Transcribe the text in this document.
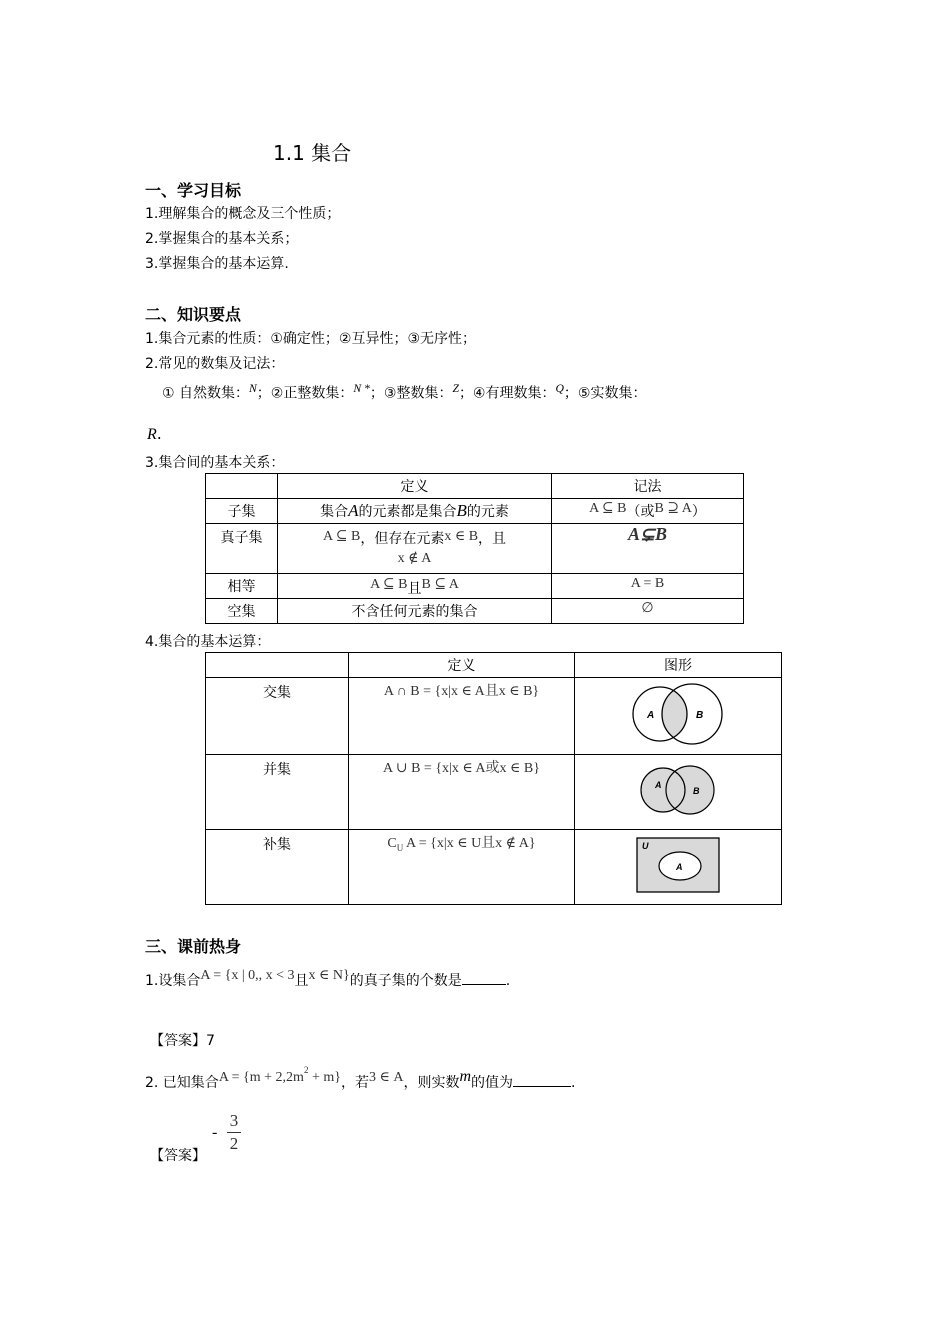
1.1 集合
一、学习目标
1.理解集合的概念及三个性质；
2.掌握集合的基本关系；
3.掌握集合的基本运算.
二、知识要点
1.集合元素的性质：①确定性；②互异性；③无序性；
2.常见的数集及记法：
① 自然数集：$^N$；②正整数集：$^{N *}$；③整数集：$^Z$；④有理数集：$^Q$；⑤实数集：
R.
3.集合间的基本关系：
	定义	记法
子集	集合A的元素都是集合B的元素	A ⊆ B（或B ⊇ A）
真子集	A ⊆ B，但存在元素x ∈ B，且
x ∉ A	A⊊B
相等	A ⊆ B且B ⊆ A	A = B
空集	不含任何元素的集合	∅
4.集合的基本运算：
	定义	图形
交集	A ∩ B = {x|x ∈ A且x ∈ B}	A B

并集	A ∪ B = {x|x ∈ A或x ∈ B}	A
B

补集	$C_U$ A = {x|x ∈ U且x ∉ A}	U
A
三、课前热身
1.设集合A = {x | 0,, x < 3且x ∈ N}的真子集的个数是	.
【答案】7
2. 已知集合$A = \{m + 2,2m^2 + m\}$，若3 ∈ A，则实数m的值为	.
【答案】
-
3
2
